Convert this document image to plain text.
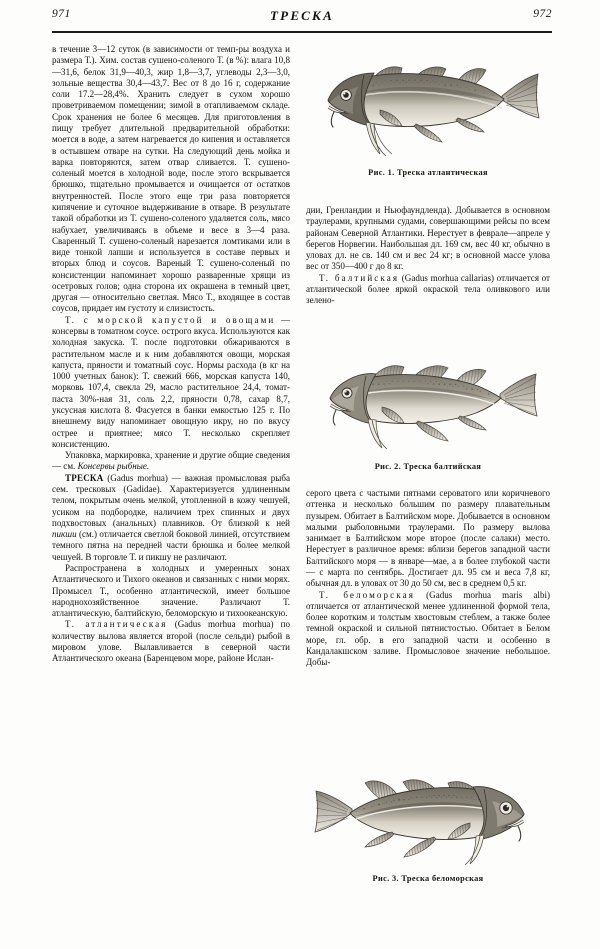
971	ТРЕСКА	972

в течение 3—12 суток (в зависимости от темп-ры воздуха и размера Т.). Хим. состав сушено-соленого Т. (в %): влага 10,8—31,6, белок 31,9—40,3, жир 1,8—3,7, углеводы 2,3—3,0, зольные вещества 30,4—43,7. Вес от 8 до 16 г, содержание соли 17.2—28,4%. Хранить следует в сухом хорошо проветриваемом помещении; зимой в отапливаемом складе. Срок хранения не более 6 месяцев. Для приготовления в пищу требует длительной предварительной обработки: моется в воде, а затем нагревается до кипения и оставляется в остывшем отваре на сутки. На следующий день мойка и варка повторяются, затем отвар сливается. Т. сушено-соленый моется в холодной воде, после этого вскрывается брюшко, тщательно промывается и очищается от остатков внутренностей. После этого еще три раза повторяется кипячение и суточное выдерживание в отваре. В результате такой обработки из Т. сушено-соленого удаляется соль, мясо набухает, увеличиваясь в объеме и весе в 3—4 раза. Сваренный Т. сушено-соленый нарезается ломтиками или в виде тонкой лапши и используется в составе первых и вторых блюд и соусов. Вареный Т. сушено-соленый по консистенции напоминает хорошо разваренные хрящи из осетровых голов; одна сторона их окрашена в темный цвет, другая — относительно светлая. Мясо Т., входящее в состав соусов, придает им густоту и слизистость.

Т. с морской капустой и овощами — консервы в томатном соусе. острого вкуса. Используются как холодная закуска. Т. после подготовки обжариваются в растительном масле и к ним добавляются овощи, морская капуста, пряности и томатный соус. Нормы расхода (в кг на 1000 учетных банок): Т. свежий 666, морская капуста 140, морковь 107,4, свекла 29, масло растительное 24,4, томат-паста 30%-ная 31, соль 2,2, пряности 0,78, сахар 8,7, уксусная кислота 8. Фасуется в банки емкостью 125 г. По внешнему виду напоминает овощную икру, но по вкусу острее и приятнее; мясо Т. несколько скрепляет консистенцию.

Упаковка, маркировка, хранение и другие общие сведения — см. Консервы рыбные.

ТРЕСКА (Gadus morhua) — важная промысловая рыба сем. тресковых (Gadidae). Характеризуется удлиненным телом, покрытым очень мелкой, утопленной в кожу чешуей, усиком на подбородке, наличием трех спинных и двух подхвостовых (анальных) плавников. От близкой к ней пикши (см.) отличается светлой боковой линией, отсутствием темного пятна на передней части брюшка и более мелкой чешуей. В торговле Т. и пикшу не различают.

Распространена в холодных и умеренных зонах Атлантического и Тихого океанов и связанных с ними морях. Промысел Т., особенно атлантической, имеет большое народнохозяйственное значение. Различают Т. атлантическую, балтийскую, беломорскую и тихоокеанскую.

Т. атлантическая (Gadus morhua morhua) по количеству вылова является второй (после сельди) рыбой в мировом улове. Вылавливается в северной части Атлантического океана (Баренцевом море, районе Ислан-

Рис. 1. Треска атлантическая

дии, Гренландии и Ньюфаундленда). Добывается в основном траулерами, крупными судами, совершающими рейсы по всем районам Северной Атлантики. Нерестует в феврале—апреле у берегов Норвегии. Наибольшая дл. 169 см, вес 40 кг, обычно в уловах дл. не св. 140 см и вес 24 кг; в основной массе улова вес от 350—400 г до 8 кг.

Т. балтийская (Gadus morhua callarias) отличается от атлантической более яркой окраской тела оливкового или зелено-

Рис. 2. Треска балтийская

серого цвета с частыми пятнами сероватого или коричневого оттенка и несколько бо́льшим по размеру плавательным пузырем. Обитает в Балтийском море. Добывается в основном малыми рыболовными траулерами. По размеру вылова занимает в Балтийском море второе (после салаки) место. Нерестует в различное время: вблизи берегов западной части Балтийского моря — в январе—мае, а в более глубокой части — с марта по сентябрь. Достигает дл. 95 см и веса 7,8 кг, обычная дл. в уловах от 30 до 50 см, вес в среднем 0,5 кг.

Т. беломорская (Gadus morhua maris albi) отличается от атлантической менее удлиненной формой тела, более коротким и толстым хвостовым стеблем, а также более темной окраской и сильной пятнистостью. Обитает в Белом море, гл. обр. в его западной части и особенно в Кандалакшском заливе. Промысловое значение небольшое. Добы-

Рис. 3. Треска беломорская
